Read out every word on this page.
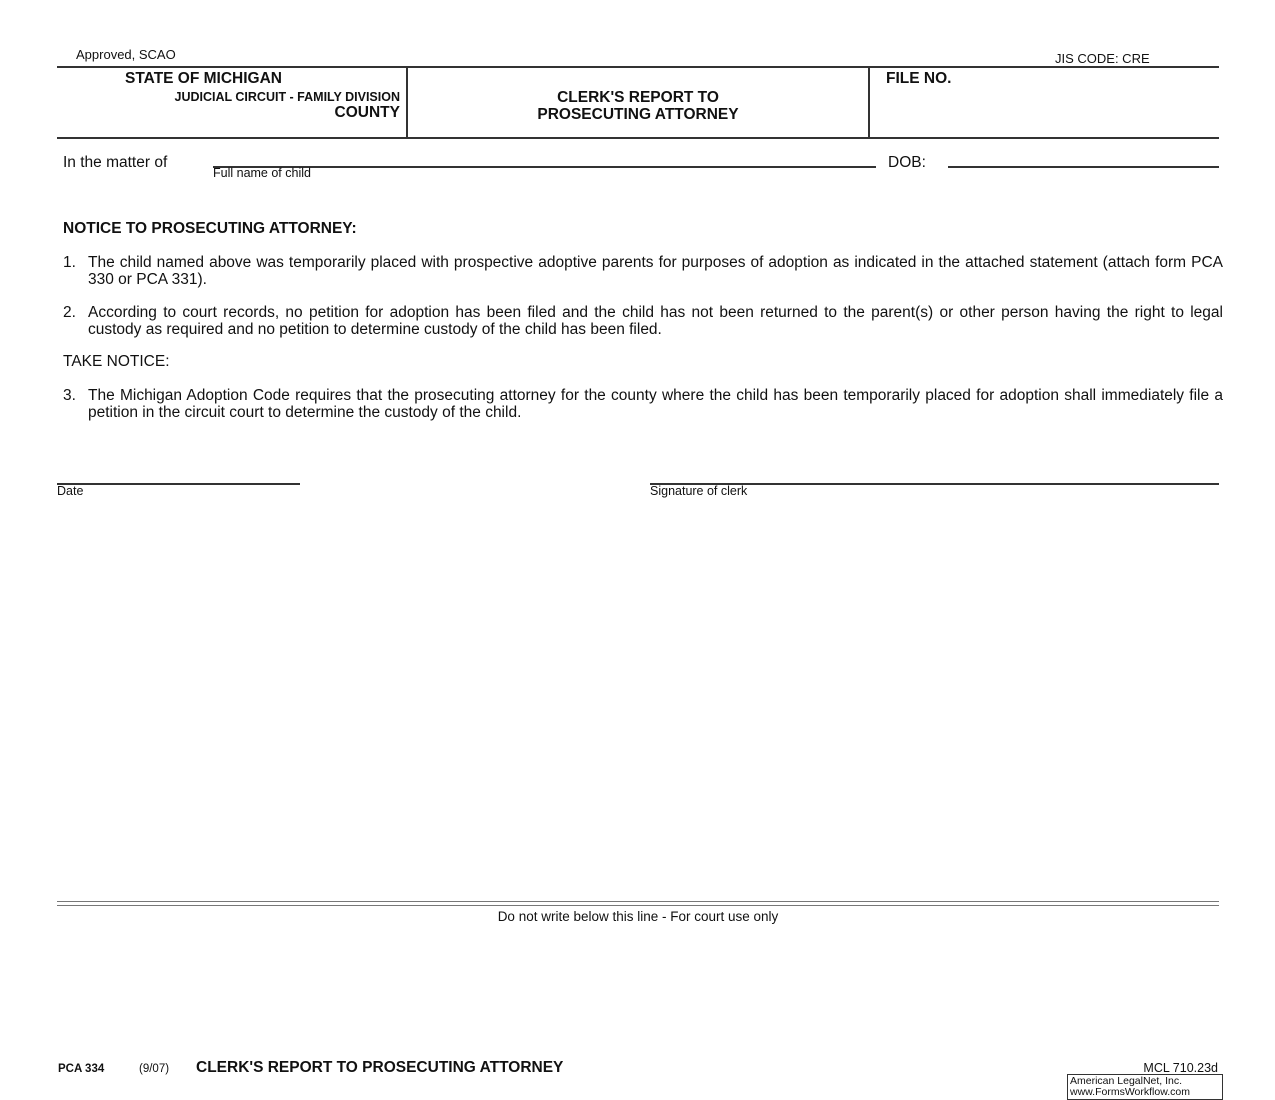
Approved, SCAO	JIS CODE: CRE
STATE OF MICHIGAN
JUDICIAL CIRCUIT - FAMILY DIVISION
COUNTY
CLERK'S REPORT TO
PROSECUTING ATTORNEY
FILE NO.
In the matter of
Full name of child
DOB:
NOTICE TO PROSECUTING ATTORNEY:
1. The child named above was temporarily placed with prospective adoptive parents for purposes of adoption as indicated in the attached statement (attach form PCA 330 or PCA 331).
2. According to court records, no petition for adoption has been filed and the child has not been returned to the parent(s) or other person having the right to legal custody as required and no petition to determine custody of the child has been filed.
TAKE NOTICE:
3. The Michigan Adoption Code requires that the prosecuting attorney for the county where the child has been temporarily placed for adoption shall immediately file a petition in the circuit court to determine the custody of the child.
Date	Signature of clerk
Do not write below this line - For court use only
PCA 334	(9/07) CLERK'S REPORT TO PROSECUTING ATTORNEY	MCL 710.23d
American LegalNet, Inc.
www.FormsWorkflow.com
